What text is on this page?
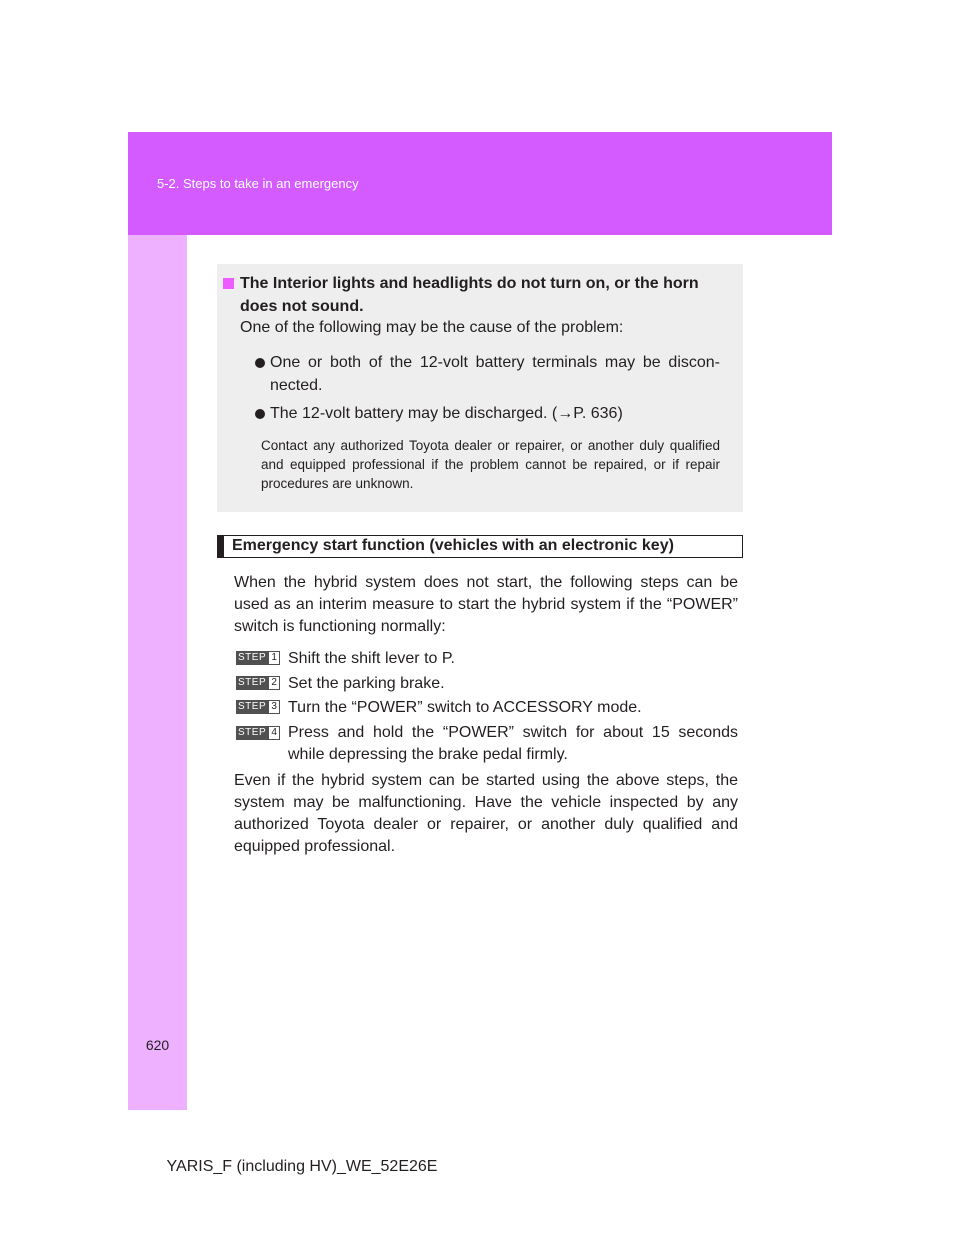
5-2. Steps to take in an emergency
620
The Interior lights and headlights do not turn on, or the horn does not sound.
One of the following may be the cause of the problem:
One or both of the 12-volt battery terminals may be discon-nected.
The 12-volt battery may be discharged. (→P. 636)
Contact any authorized Toyota dealer or repairer, or another duly qualified and equipped professional if the problem cannot be repaired, or if repair procedures are unknown.
Emergency start function (vehicles with an electronic key)
When the hybrid system does not start, the following steps can be used as an interim measure to start the hybrid system if the “POWER” switch is functioning normally:
STEP 1 Shift the shift lever to P.
STEP 2 Set the parking brake.
STEP 3 Turn the “POWER” switch to ACCESSORY mode.
STEP 4 Press and hold the “POWER” switch for about 15 seconds while depressing the brake pedal firmly.
Even if the hybrid system can be started using the above steps, the system may be malfunctioning. Have the vehicle inspected by any authorized Toyota dealer or repairer, or another duly qualified and equipped professional.
YARIS_F (including HV)_WE_52E26E
